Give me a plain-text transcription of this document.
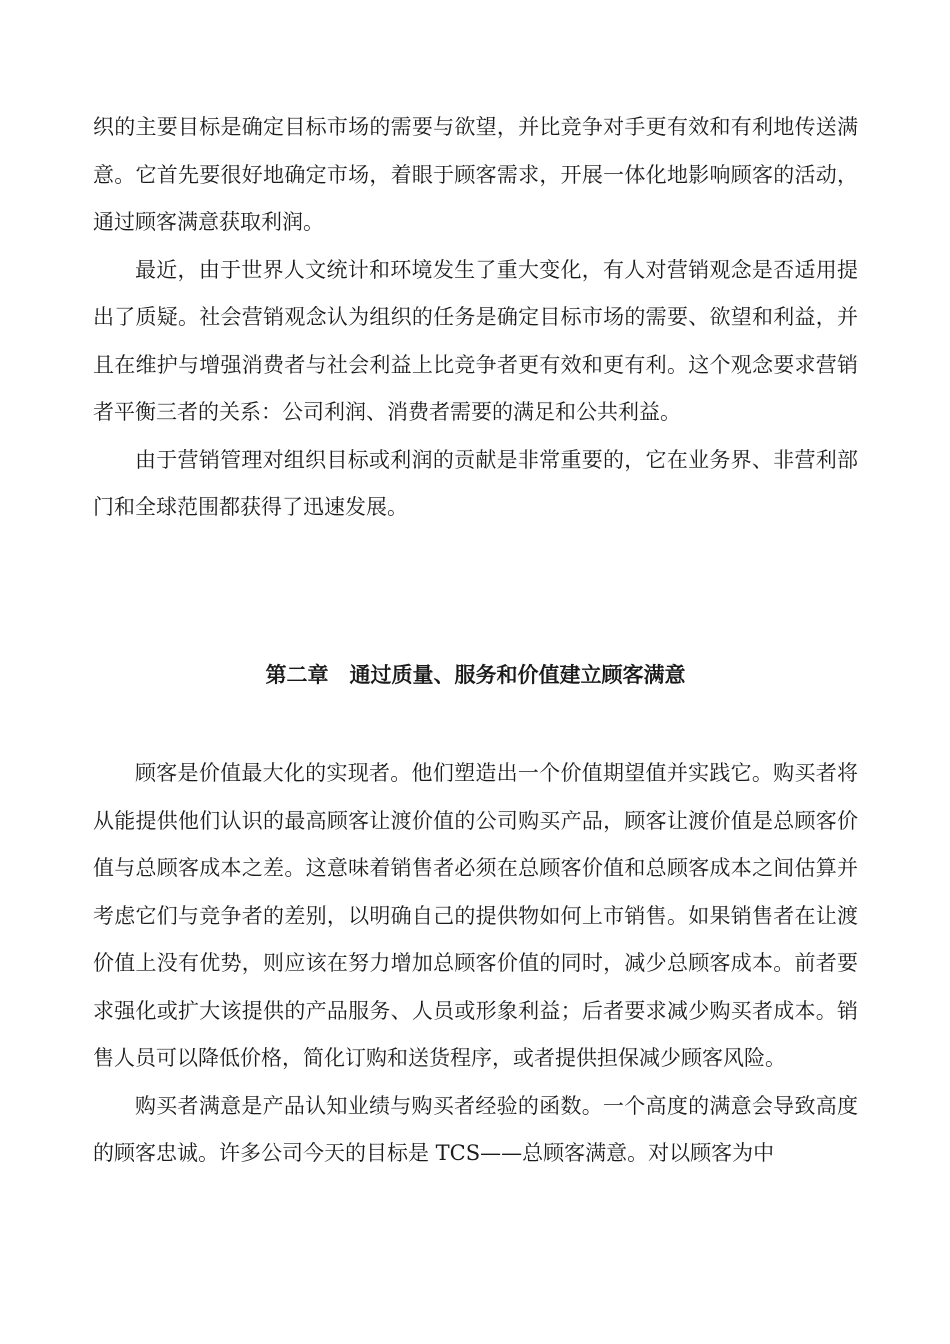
织的主要目标是确定目标市场的需要与欲望，并比竞争对手更有效和有利地传送满意。它首先要很好地确定市场，着眼于顾客需求，开展一体化地影响顾客的活动，通过顾客满意获取利润。

最近，由于世界人文统计和环境发生了重大变化，有人对营销观念是否适用提出了质疑。社会营销观念认为组织的任务是确定目标市场的需要、欲望和利益，并且在维护与增强消费者与社会利益上比竞争者更有效和更有利。这个观念要求营销者平衡三者的关系：公司利润、消费者需要的满足和公共利益。

由于营销管理对组织目标或利润的贡献是非常重要的，它在业务界、非营利部门和全球范围都获得了迅速发展。

第二章　通过质量、服务和价值建立顾客满意

顾客是价值最大化的实现者。他们塑造出一个价值期望值并实践它。购买者将从能提供他们认识的最高顾客让渡价值的公司购买产品，顾客让渡价值是总顾客价值与总顾客成本之差。这意味着销售者必须在总顾客价值和总顾客成本之间估算并考虑它们与竞争者的差别，以明确自己的提供物如何上市销售。如果销售者在让渡价值上没有优势，则应该在努力增加总顾客价值的同时，减少总顾客成本。前者要求强化或扩大该提供的产品服务、人员或形象利益；后者要求减少购买者成本。销售人员可以降低价格，简化订购和送货程序，或者提供担保减少顾客风险。

购买者满意是产品认知业绩与购买者经验的函数。一个高度的满意会导致高度的顾客忠诚。许多公司今天的目标是 TCS——总顾客满意。对以顾客为中
